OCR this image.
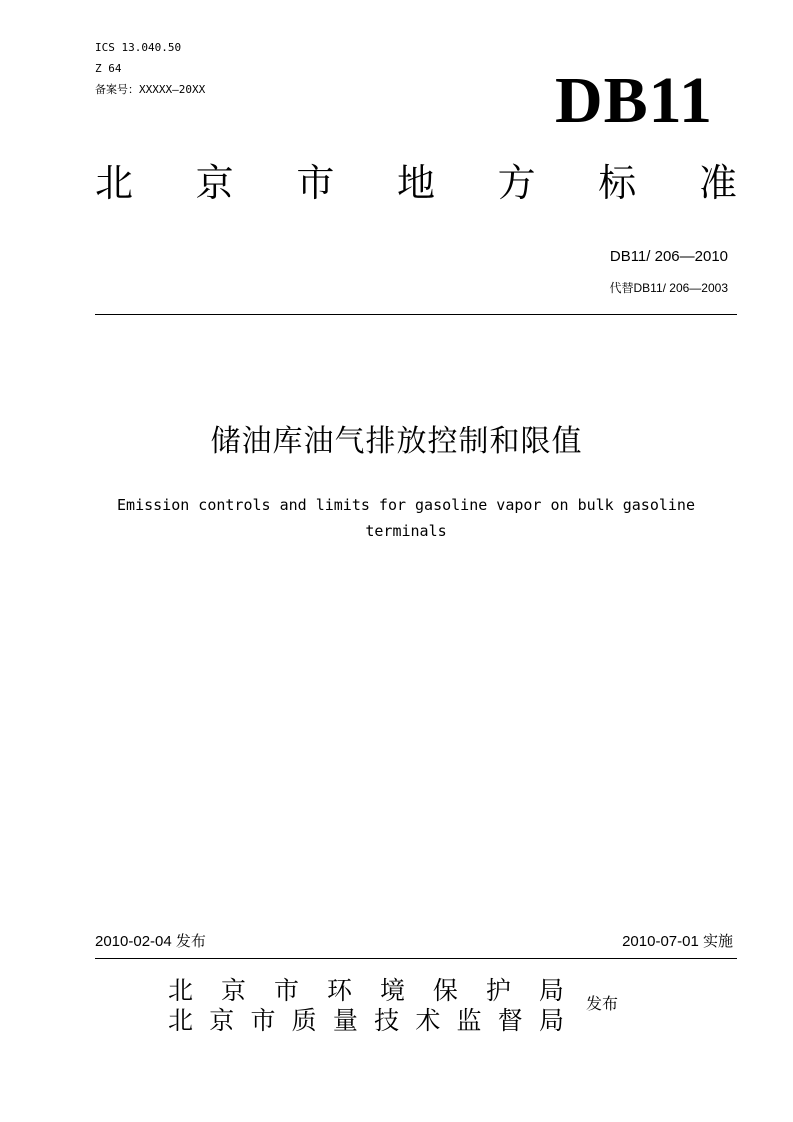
ICS 13.040.50
Z 64
备案号：XXXXX—20XX	DB11
北 京 市 地 方 标 准
DB11/ 206—2010
代替DB11/ 206—2003
储油库油气排放控制和限值
Emission controls and limits for gasoline vapor on bulk gasoline terminals
2010-02-04 发布	2010-07-01 实施
北 京 市 环 境 保 护 局
北 京 市 质 量 技 术 监 督 局
发布
